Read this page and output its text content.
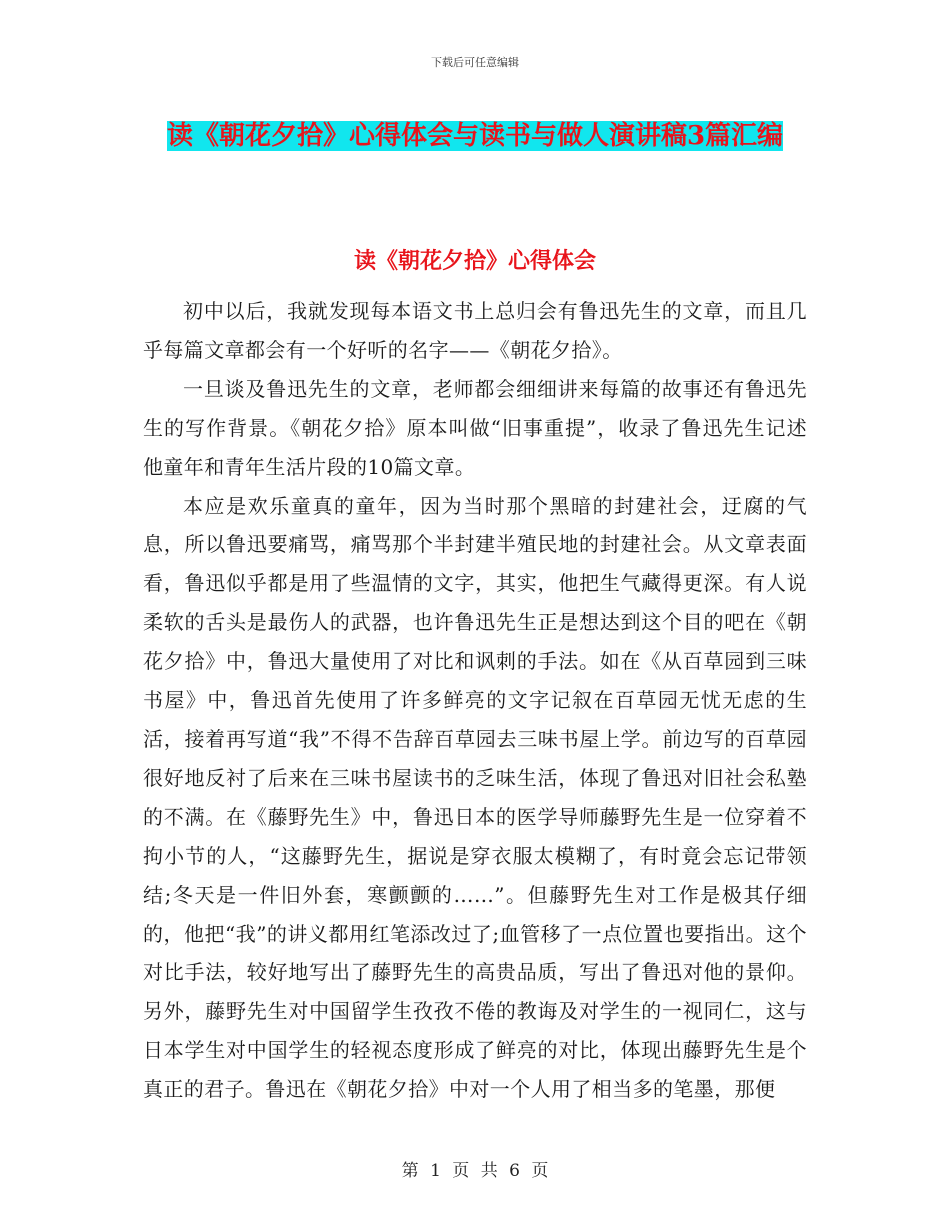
下载后可任意编辑
读《朝花夕拾》心得体会与读书与做人演讲稿3篇汇编
读《朝花夕拾》心得体会

初中以后，我就发现每本语文书上总归会有鲁迅先生的文章，而且几乎每篇文章都会有一个好听的名字——《朝花夕拾》。

一旦谈及鲁迅先生的文章，老师都会细细讲来每篇的故事还有鲁迅先生的写作背景。《朝花夕拾》原本叫做“旧事重提”，收录了鲁迅先生记述他童年和青年生活片段的10篇文章。

本应是欢乐童真的童年，因为当时那个黑暗的封建社会，迂腐的气息，所以鲁迅要痛骂，痛骂那个半封建半殖民地的封建社会。从文章表面看，鲁迅似乎都是用了些温情的文字，其实，他把生气藏得更深。有人说柔软的舌头是最伤人的武器，也许鲁迅先生正是想达到这个目的吧在《朝花夕拾》中，鲁迅大量使用了对比和讽刺的手法。如在《从百草园到三味书屋》中，鲁迅首先使用了许多鲜亮的文字记叙在百草园无忧无虑的生活，接着再写道“我”不得不告辞百草园去三味书屋上学。前边写的百草园很好地反衬了后来在三味书屋读书的乏味生活，体现了鲁迅对旧社会私塾的不满。在《藤野先生》中，鲁迅日本的医学导师藤野先生是一位穿着不拘小节的人，“这藤野先生，据说是穿衣服太模糊了，有时竟会忘记带领结;冬天是一件旧外套，寒颤颤的……”。但藤野先生对工作是极其仔细的，他把“我”的讲义都用红笔添改过了;血管移了一点位置也要指出。这个对比手法，较好地写出了藤野先生的高贵品质，写出了鲁迅对他的景仰。另外，藤野先生对中国留学生孜孜不倦的教诲及对学生的一视同仁，这与日本学生对中国学生的轻视态度形成了鲜亮的对比，体现出藤野先生是个真正的君子。鲁迅在《朝花夕拾》中对一个人用了相当多的笔墨，那便

第 1 页 共 6 页
